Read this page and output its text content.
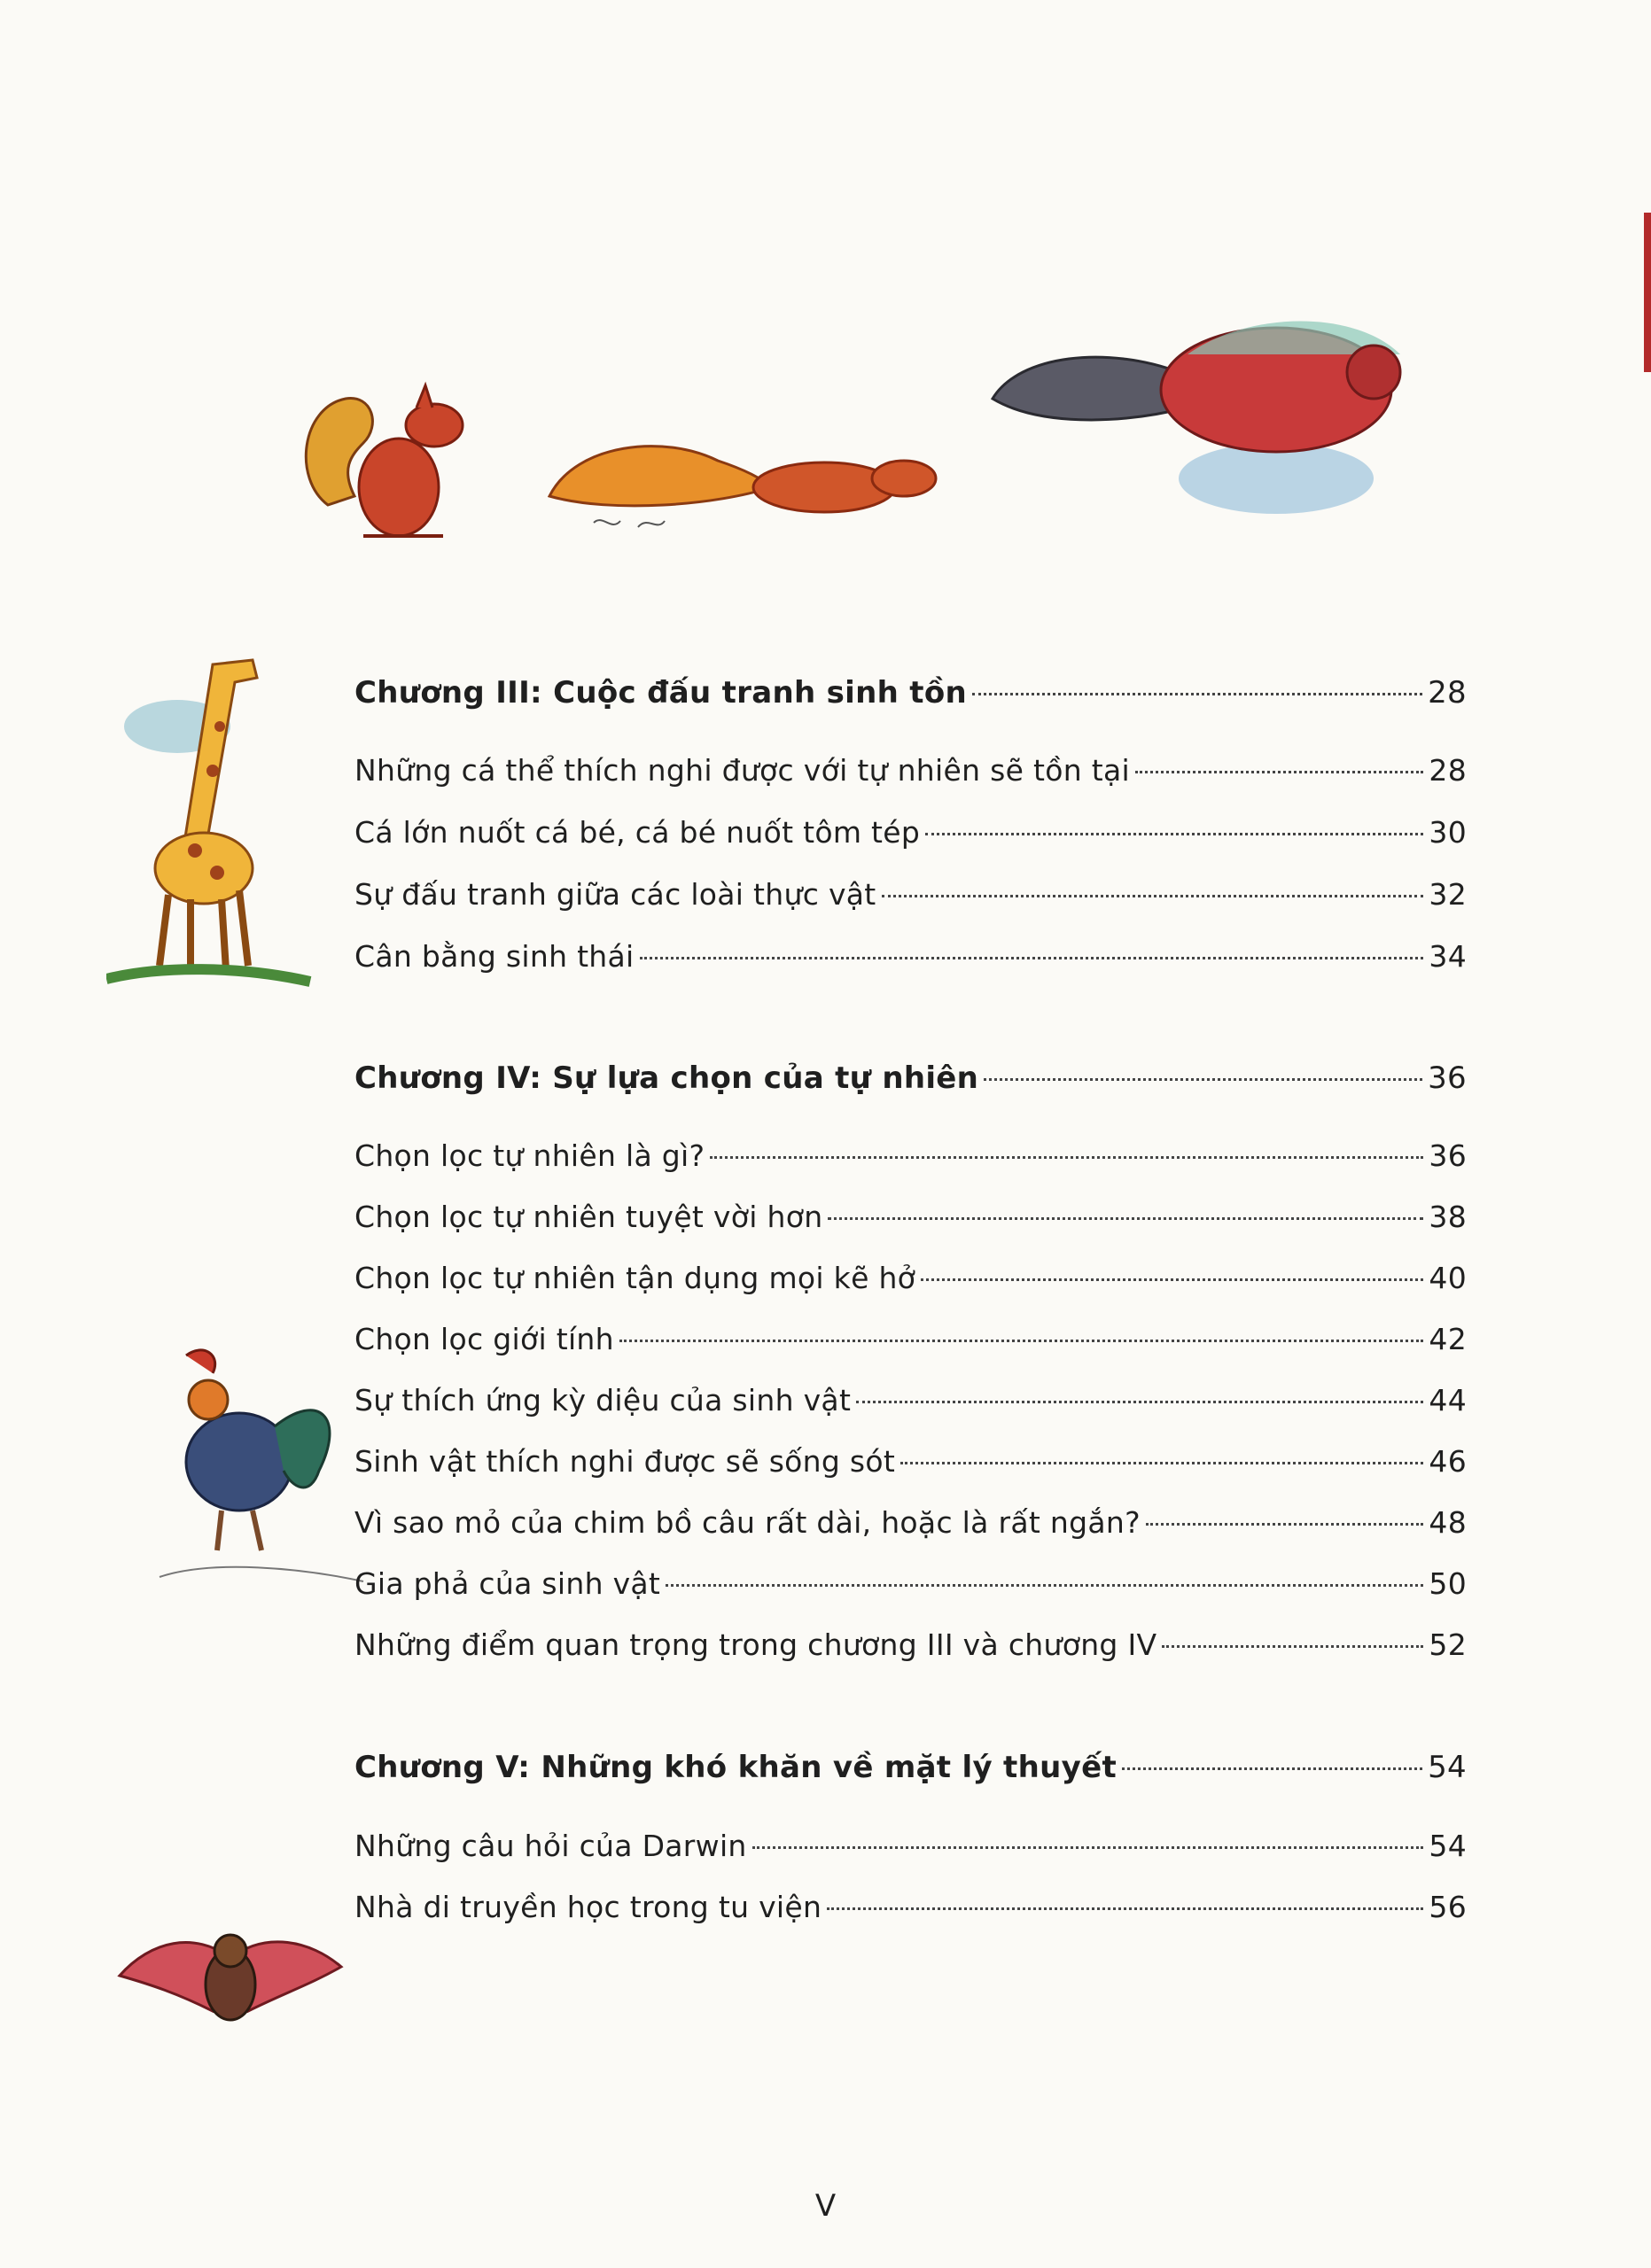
Chương III: Cuộc đấu tranh sinh tồn	28
Những cá thể thích nghi được với tự nhiên sẽ tồn tại	28
Cá lớn nuốt cá bé, cá bé nuốt tôm tép	30
Sự đấu tranh giữa các loài thực vật	32
Cân bằng sinh thái	34
Chương IV: Sự lựa chọn của tự nhiên	36
Chọn lọc tự nhiên là gì?	36
Chọn lọc tự nhiên tuyệt vời hơn	38
Chọn lọc tự nhiên tận dụng mọi kẽ hở	40
Chọn lọc giới tính	42
Sự thích ứng kỳ diệu của sinh vật	44
Sinh vật thích nghi được sẽ sống sót	46
Vì sao mỏ của chim bồ câu rất dài, hoặc là rất ngắn?	48
Gia phả của sinh vật	50
Những điểm quan trọng trong chương III và chương IV	52
Chương V: Những khó khăn về mặt lý thuyết	54
Những câu hỏi của Darwin	54
Nhà di truyền học trong tu viện	56
V
